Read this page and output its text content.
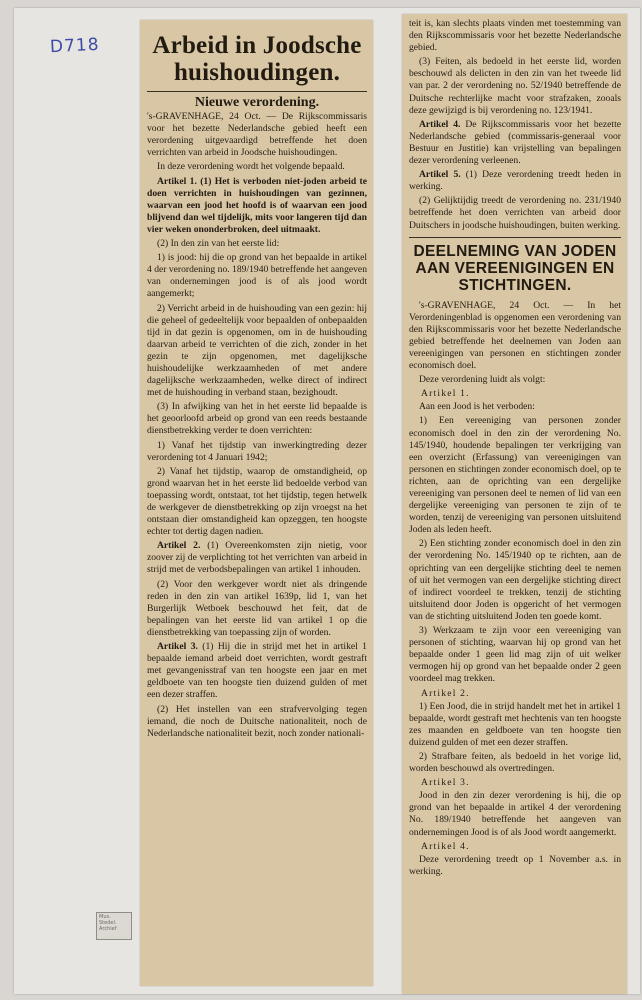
D718 Arbeid in Joodsche huishoudingen.
Nieuwe verordening.
's-GRAVENHAGE, 24 Oct. — De Rijkscommissaris voor het bezette Nederlandsche gebied heeft een verordening uitgevaardigd betreffende het doen verrichten van arbeid in Joodsche huishoudingen.
In deze verordening wordt het volgende bepaald.
Artikel 1. (1) Het is verboden niet-joden arbeid te doen verrichten in huishoudingen van gezinnen, waarvan een jood het hoofd is of waarvan een jood blijvend dan wel tijdelijk, mits voor langeren tijd dan vier weken ononderbroken, deel uitmaakt.
(2) In den zin van het eerste lid:
1) is jood: hij die op grond van het bepaalde in artikel 4 der verordening no. 189/1940 betreffende het aangeven van ondernemingen jood is of als jood wordt aangemerkt;
2) Verricht arbeid in de huishouding van een gezin: hij die geheel of gedeeltelijk voor bepaalden of onbepaalden tijd in dat gezin is opgenomen, om in de huishouding daarvan arbeid te verrichten of die zich, zonder in het gezin te zijn opgenomen, met dagelijksche huishoudelijke werkzaamheden of met andere dagelijksche werkzaamheden, welke direct of indirect met de huishouding in verband staan, bezighoudt.
(3) In afwijking van het in het eerste lid bepaalde is het geoorloofd arbeid op grond van een reeds bestaande dienstbetrekking verder te doen verrichten:
1) Vanaf het tijdstip van inwerkingtreding dezer verordening tot 4 Januari 1942;
2) Vanaf het tijdstip, waarop de omstandigheid, op grond waarvan het in het eerste lid bedoelde verbod van toepassing wordt, ontstaat, tot het tijdstip, tegen hetwelk de werkgever de dienstbetrekking op zijn vroegst na het ontstaan dier omstandigheid kan opzeggen, ten hoogste echter tot dertig dagen nadien.
Artikel 2. (1) Overeenkomsten zijn nietig, voor zoover zij de verplichting tot het verrichten van arbeid in strijd met de verbodsbepalingen van artikel 1 inhouden.
(2) Voor den werkgever wordt niet als dringende reden in den zin van artikel 1639p, lid 1, van het Burgerlijk Wetboek beschouwd het feit, dat de bepalingen van het eerste lid van artikel 1 op die dienstbetrekking van toepassing zijn of worden.
Artikel 3. (1) Hij die in strijd met het in artikel 1 bepaalde iemand arbeid doet verrichten, wordt gestraft met gevangenisstraf van ten hoogste een jaar en met geldboete van ten hoogste tien duizend gulden of met een dezer straffen.
(2) Het instellen van een strafvervolging tegen iemand, die noch de Duitsche nationaliteit, noch de Nederlandsche nationaliteit bezit, noch zonder nationali-
teit is, kan slechts plaats vinden met toestemming van den Rijkscommissaris voor het bezette Nederlandsche gebied.
(3) Feiten, als bedoeld in het eerste lid, worden beschouwd als delicten in den zin van het tweede lid van par. 2 der verordening no. 52/1940 betreffende de Duitsche rechterlijke macht voor strafzaken, zooals deze gewijzigd is bij verordening no. 123/1941.
Artikel 4. De Rijkscommissaris voor het bezette Nederlandsche gebied (commissaris-generaal voor Bestuur en Justitie) kan vrijstelling van bepalingen dezer verordening verleenen.
Artikel 5. (1) Deze verordening treedt heden in werking.
(2) Gelijktijdig treedt de verordening no. 231/1940 betreffende het doen verrichten van arbeid door Duitschers in joodsche huishoudingen, buiten werking.
DEELNEMING VAN JODEN AAN VEREENIGINGEN EN STICHTINGEN.
's-GRAVENHAGE, 24 Oct. — In het Verordeningenblad is opgenomen een verordening van den Rijkscommissaris voor het bezette Nederlandsche gebied betreffende het deelnemen van Joden aan vereenigingen van personen en stichtingen zonder economisch doel.
Deze verordening luidt als volgt:
Artikel 1.
Aan een Jood is het verboden:
1) Een vereeniging van personen zonder economisch doel in den zin der verordening No. 145/1940, houdende bepalingen ter verkrijging van een overzicht (Erfassung) van vereenigingen van personen en stichtingen zonder economisch doel, op te richten, aan de oprichting van een dergelijke vereeniging van personen deel te nemen of lid van een dergelijke vereeniging van personen te zijn of te worden, tenzij de vereeniging van personen uitsluitend Joden als leden heeft.
2) Een stichting zonder economisch doel in den zin der verordening No. 145/1940 op te richten, aan de oprichting van een dergelijke stichting deel te nemen of uit het vermogen van een dergelijke stichting direct of indirect voordeel te trekken, tenzij de stichting uitsluitend door Joden is opgericht of het vermogen van de stichting uitsluitend Joden ten goede komt.
3) Werkzaam te zijn voor een vereeniging van personen of stichting, waarvan hij op grond van het bepaalde onder 1 geen lid mag zijn of uit welker vermogen hij op grond van het bepaalde onder 2 geen voordeel mag trekken.
Artikel 2.
1) Een Jood, die in strijd handelt met het in artikel 1 bepaalde, wordt gestraft met hechtenis van ten hoogste zes maanden en geldboete van ten hoogste tien duizend gulden of met een dezer straffen.
2) Strafbare feiten, als bedoeld in het vorige lid, worden beschouwd als overtredingen.
Artikel 3.
Jood in den zin dezer verordening is hij, die op grond van het bepaalde in artikel 4 der verordening No. 189/1940 betreffende het aangeven van ondernemingen Jood is of als Jood wordt aangemerkt.
Artikel 4.
Deze verordening treedt op 1 November a.s. in werking.
Mus. Stedel. Archief
